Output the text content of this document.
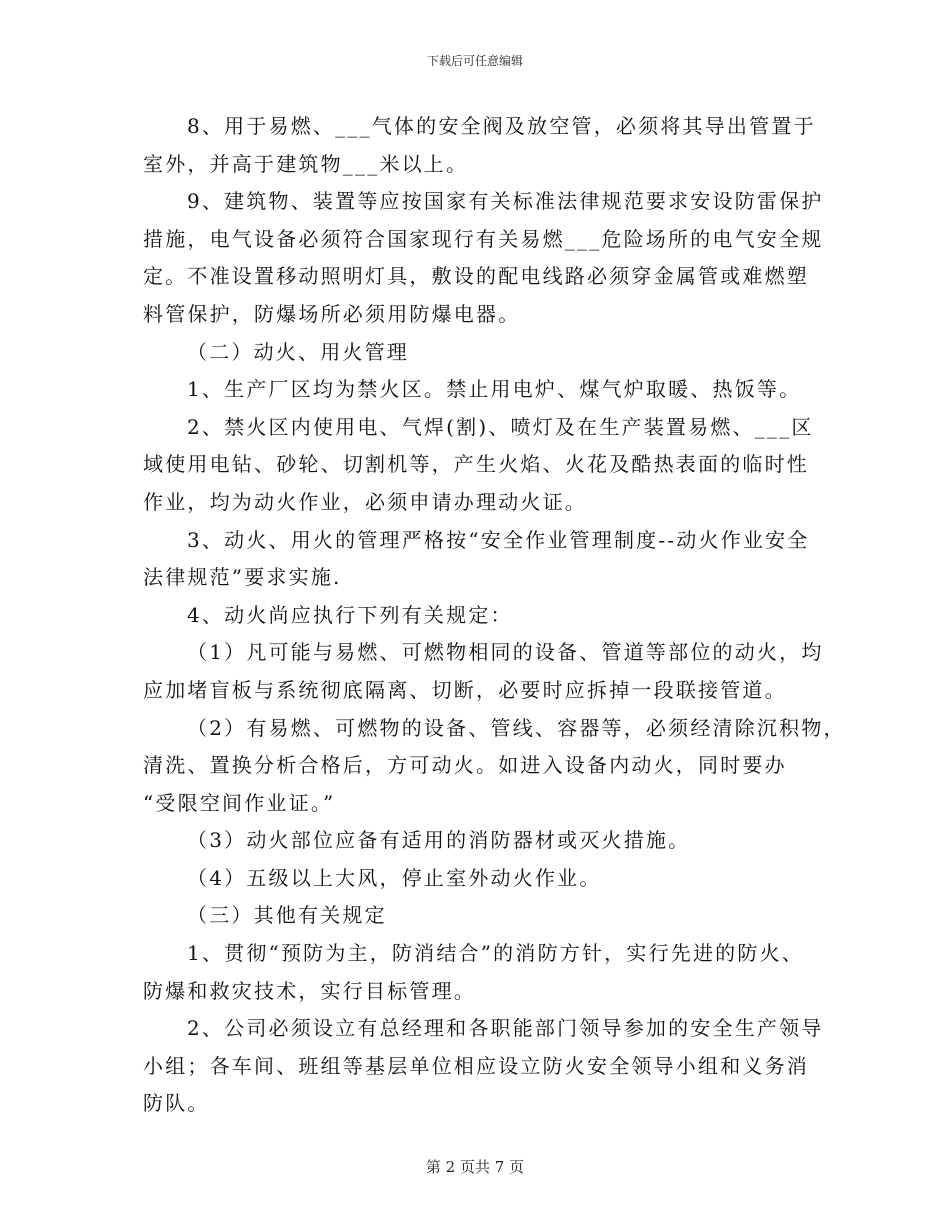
下载后可任意编辑
8、用于易燃、___气体的安全阀及放空管，必须将其导出管置于
室外，并高于建筑物___米以上。
9、建筑物、装置等应按国家有关标准法律规范要求安设防雷保护
措施，电气设备必须符合国家现行有关易燃___危险场所的电气安全规
定。不准设置移动照明灯具，敷设的配电线路必须穿金属管或难燃塑
料管保护，防爆场所必须用防爆电器。
（二）动火、用火管理
1、生产厂区均为禁火区。禁止用电炉、煤气炉取暖、热饭等。
2、禁火区内使用电、气焊(割)、喷灯及在生产装置易燃、___区
域使用电钻、砂轮、切割机等，产生火焰、火花及酷热表面的临时性
作业，均为动火作业，必须申请办理动火证。
3、动火、用火的管理严格按“安全作业管理制度--动火作业安全
法律规范”要求实施.
4、动火尚应执行下列有关规定：
（1）凡可能与易燃、可燃物相同的设备、管道等部位的动火，均
应加堵盲板与系统彻底隔离、切断，必要时应拆掉一段联接管道。
（2）有易燃、可燃物的设备、管线、容器等，必须经清除沉积物，
清洗、置换分析合格后，方可动火。如进入设备内动火，同时要办
“受限空间作业证。”
（3）动火部位应备有适用的消防器材或灭火措施。
（4）五级以上大风，停止室外动火作业。
（三）其他有关规定
1、贯彻“预防为主，防消结合”的消防方针，实行先进的防火、
防爆和救灾技术，实行目标管理。
2、公司必须设立有总经理和各职能部门领导参加的安全生产领导
小组；各车间、班组等基层单位相应设立防火安全领导小组和义务消
防队。
第 2 页共 7 页
